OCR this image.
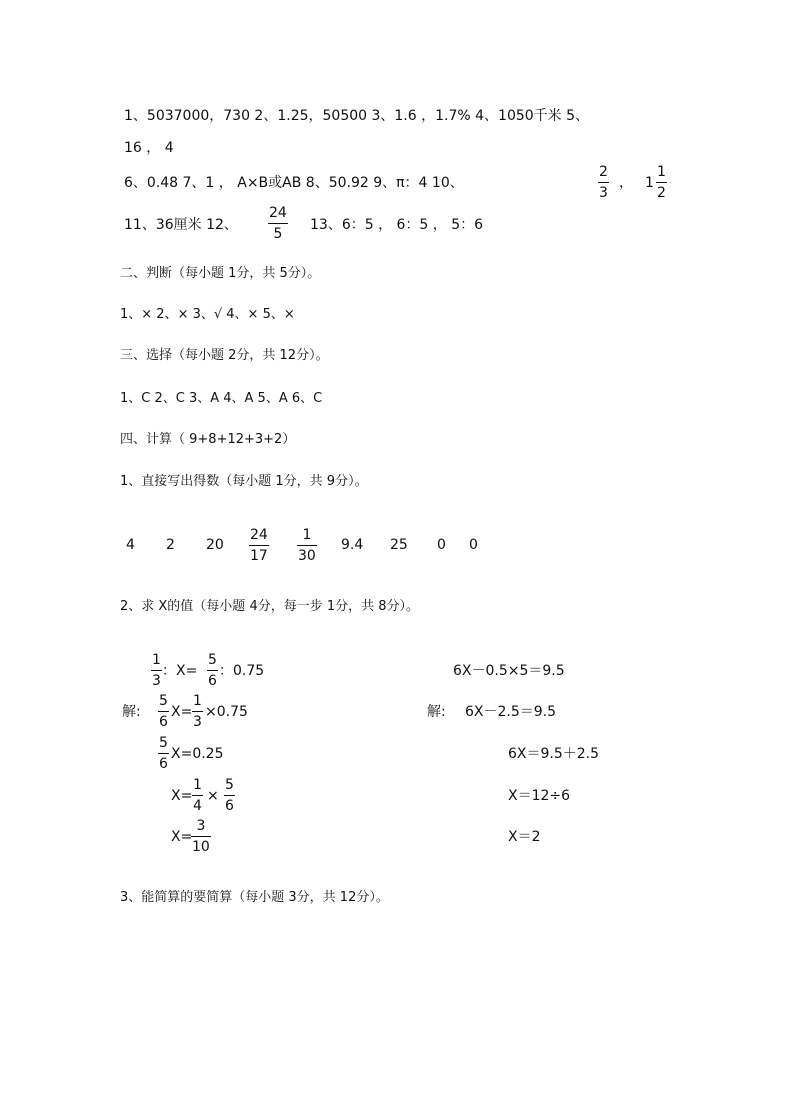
1、5037000，730 2、1.25，50500 3、1.6 ，1.7% 4、1050千米 5、
16 ， 4
6、0.48 7、1 ， A×B或AB 8、50.92 9、π：4 10、
2
3
， 1
1
2
11、36厘米 12、
24
5
13、6：5 ， 6：5 ， 5：6
二、判断（每小题 1分，共 5分）。
1、× 2、× 3、√ 4、× 5、×
三、选择（每小题 2分，共 12分）。
1、C 2、C 3、A 4、A 5、A 6、C
四、计算（ 9+8+12+3+2）
1、直接写出得数（每小题 1分，共 9分）。
4 2 20
24
17
1
30
9.4 25 0 0
2、求 X的值（每小题 4分，每一步 1分，共 8分）。
1
3
：X=
5
6
：0.75
解:
5
6
X=
1
3
×0.75
5
6
X=0.25
X=
1
4
×
5
6
X=
3
10
6X－0.5×5＝9.5
解: 6X－2.5＝9.5
6X＝9.5＋2.5
X＝12÷6
X＝2
3、能简算的要简算（每小题 3分，共 12分）。
